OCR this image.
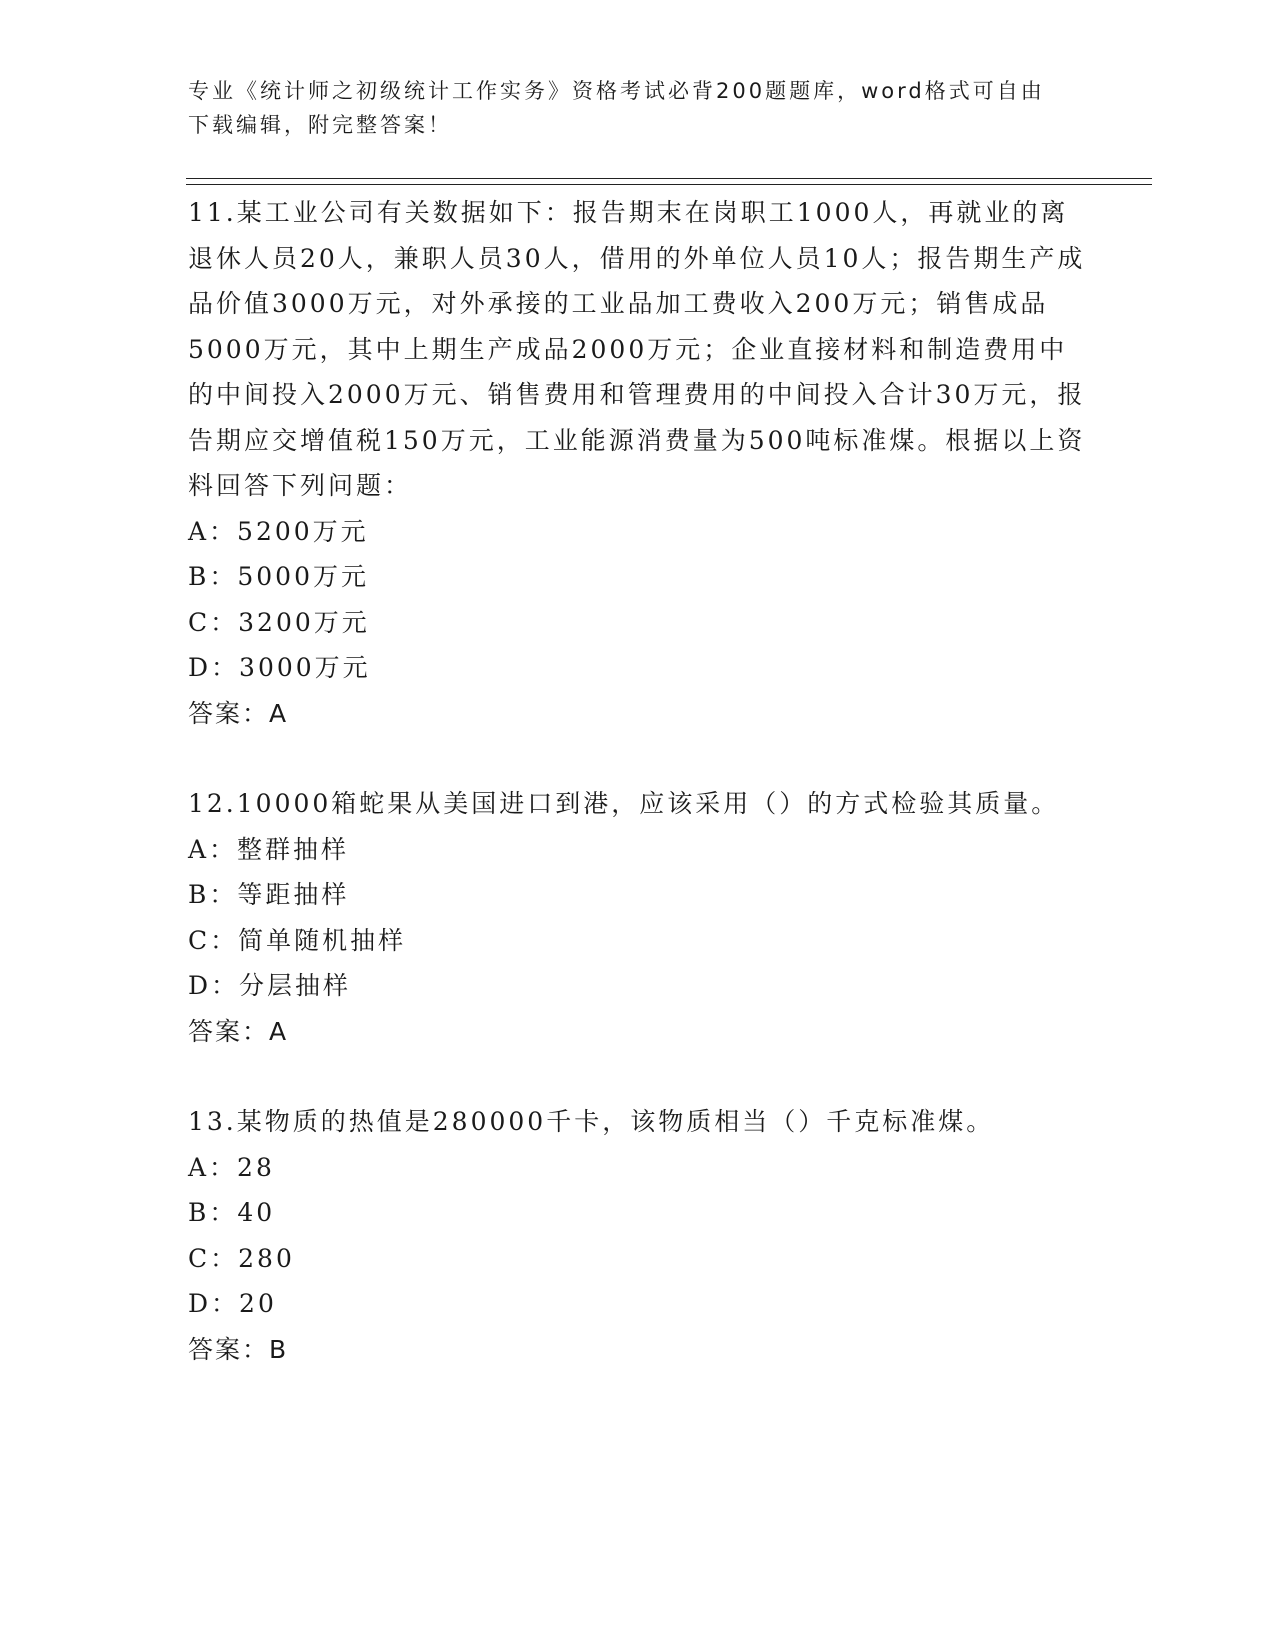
专业《统计师之初级统计工作实务》资格考试必背200题题库，word格式可自由
下载编辑，附完整答案！

11.某工业公司有关数据如下：报告期末在岗职工1000人，再就业的离退休人员20人，兼职人员30人，借用的外单位人员10人；报告期生产成品价值3000万元，对外承接的工业品加工费收入200万元；销售成品5000万元，其中上期生产成品2000万元；企业直接材料和制造费用中的中间投入2000万元、销售费用和管理费用的中间投入合计30万元，报告期应交增值税150万元，工业能源消费量为500吨标准煤。根据以上资料回答下列问题：

A：5200万元

B：5000万元

C：3200万元

D：3000万元

答案：A

12.10000箱蛇果从美国进口到港，应该采用（）的方式检验其质量。

A：整群抽样

B：等距抽样

C：简单随机抽样

D：分层抽样

答案：A

13.某物质的热值是280000千卡，该物质相当（）千克标准煤。

A：28

B：40

C：280

D：20

答案：B
